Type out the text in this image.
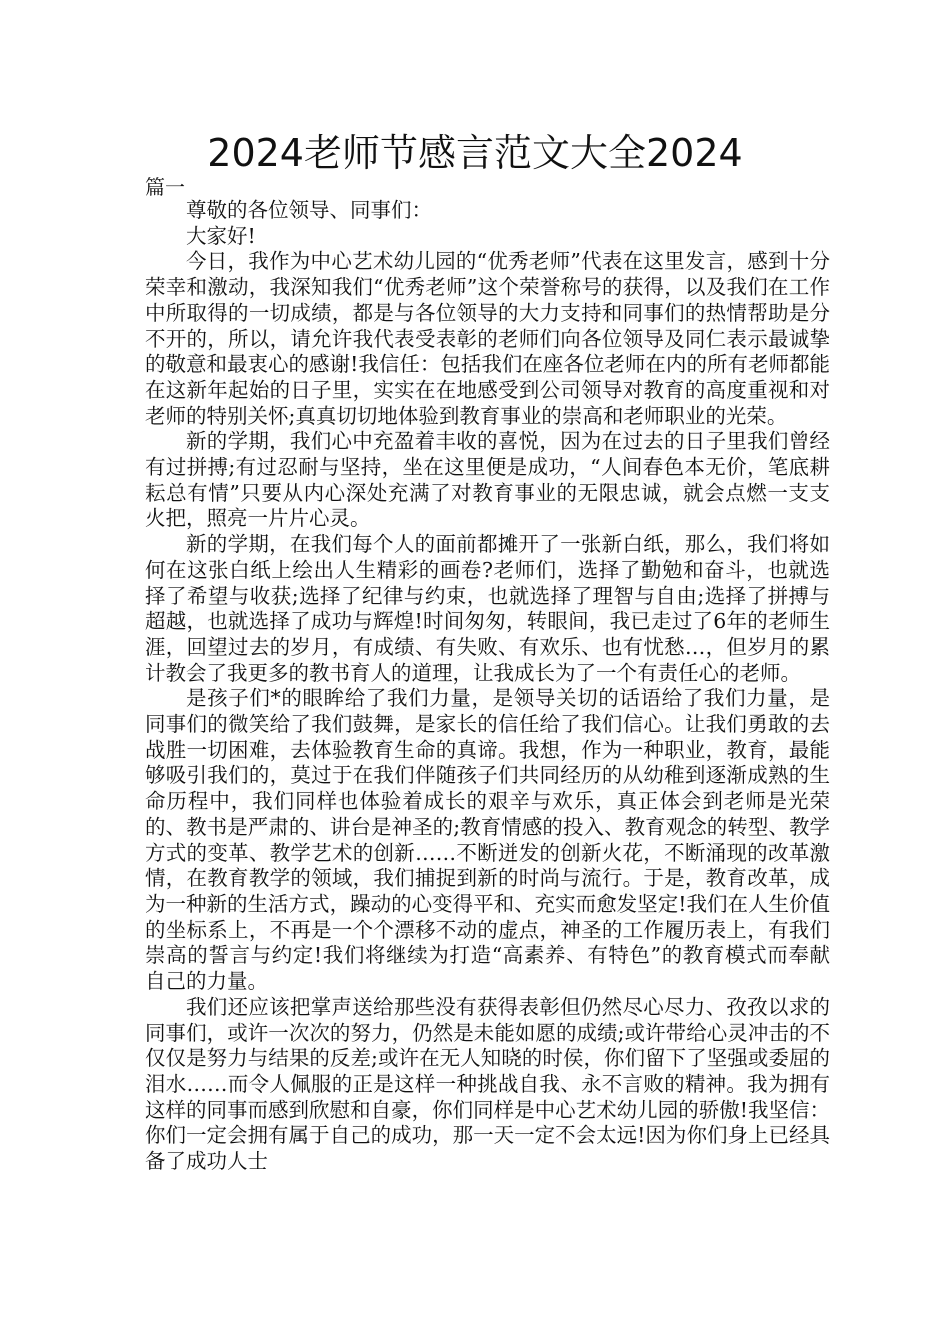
2024老师节感言范文大全2024
篇一

尊敬的各位领导、同事们：

大家好!

今日，我作为中心艺术幼儿园的“优秀老师”代表在这里发言，感到十分荣幸和激动，我深知我们“优秀老师”这个荣誉称号的获得，以及我们在工作中所取得的一切成绩，都是与各位领导的大力支持和同事们的热情帮助是分不开的，所以，请允许我代表受表彰的老师们向各位领导及同仁表示最诚挚的敬意和最衷心的感谢!我信任：包括我们在座各位老师在内的所有老师都能在这新年起始的日子里，实实在在地感受到公司领导对教育的高度重视和对老师的特别关怀;真真切切地体验到教育事业的崇高和老师职业的光荣。

新的学期，我们心中充盈着丰收的喜悦，因为在过去的日子里我们曾经有过拼搏;有过忍耐与坚持，坐在这里便是成功，“人间春色本无价，笔底耕耘总有情”只要从内心深处充满了对教育事业的无限忠诚，就会点燃一支支火把，照亮一片片心灵。

新的学期，在我们每个人的面前都摊开了一张新白纸，那么，我们将如何在这张白纸上绘出人生精彩的画卷?老师们，选择了勤勉和奋斗，也就选择了希望与收获;选择了纪律与约束，也就选择了理智与自由;选择了拼搏与超越，也就选择了成功与辉煌!时间匆匆，转眼间，我已走过了6年的老师生涯，回望过去的岁月，有成绩、有失败、有欢乐、也有忧愁…，但岁月的累计教会了我更多的教书育人的道理，让我成长为了一个有责任心的老师。

是孩子们*的眼眸给了我们力量，是领导关切的话语给了我们力量，是同事们的微笑给了我们鼓舞，是家长的信任给了我们信心。让我们勇敢的去战胜一切困难，去体验教育生命的真谛。我想，作为一种职业，教育，最能够吸引我们的，莫过于在我们伴随孩子们共同经历的从幼稚到逐渐成熟的生命历程中，我们同样也体验着成长的艰辛与欢乐，真正体会到老师是光荣的、教书是严肃的、讲台是神圣的;教育情感的投入、教育观念的转型、教学方式的变革、教学艺术的创新……不断迸发的创新火花，不断涌现的改革激情，在教育教学的领域，我们捕捉到新的时尚与流行。于是，教育改革，成为一种新的生活方式，躁动的心变得平和、充实而愈发坚定!我们在人生价值的坐标系上，不再是一个个漂移不动的虚点，神圣的工作履历表上，有我们崇高的誓言与约定!我们将继续为打造“高素养、有特色”的教育模式而奉献自己的力量。

我们还应该把掌声送给那些没有获得表彰但仍然尽心尽力、孜孜以求的同事们，或许一次次的努力，仍然是未能如愿的成绩;或许带给心灵冲击的不仅仅是努力与结果的反差;或许在无人知晓的时侯，你们留下了坚强或委屈的泪水……而令人佩服的正是这样一种挑战自我、永不言败的精神。我为拥有这样的同事而感到欣慰和自豪，你们同样是中心艺术幼儿园的骄傲!我坚信：你们一定会拥有属于自己的成功，那一天一定不会太远!因为你们身上已经具备了成功人士
